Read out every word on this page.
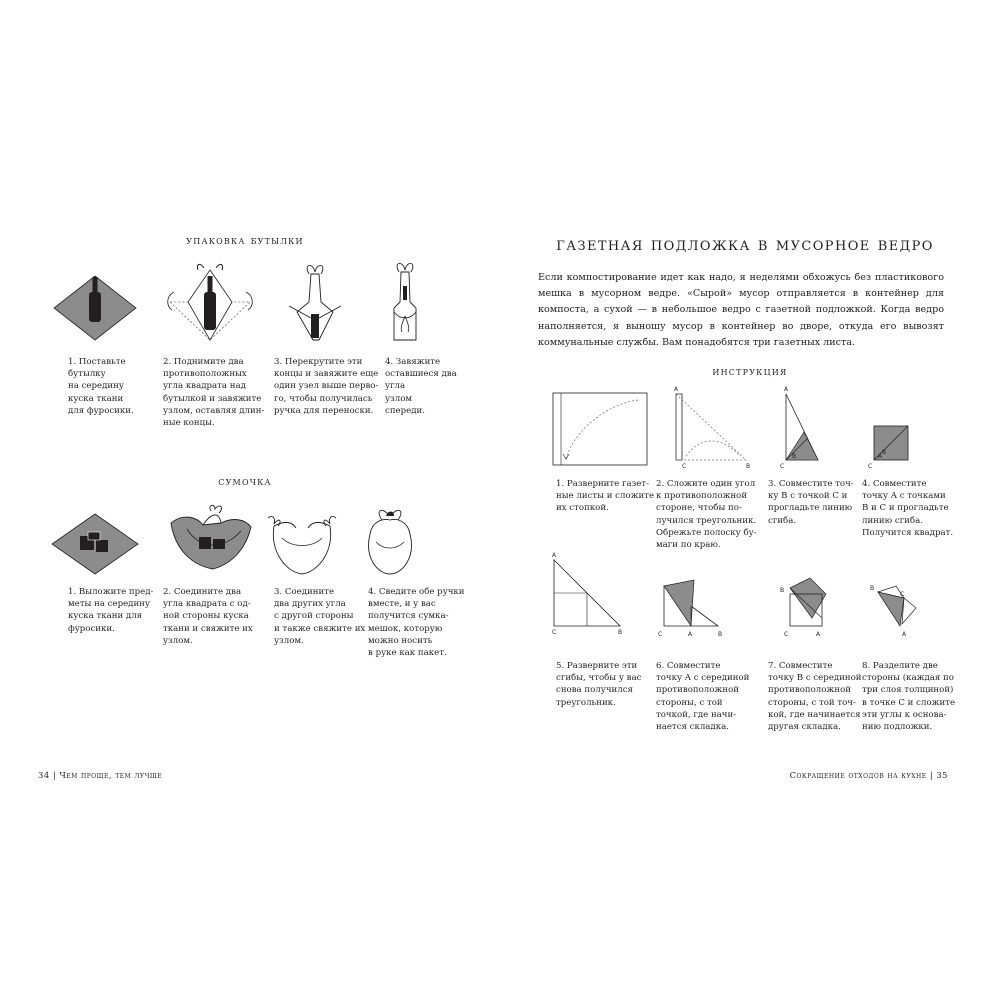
упаковка бутылки
1. Поставьте
бутылку
на середину
куска ткани
для фуросики.
2. Поднимите два
противоположных
угла квадрата над
бутылкой и завяжите
узлом, оставляя длин-
ные концы.
3. Перекрутите эти
концы и завяжите еще
один узел выше перво-
го, чтобы получилась
ручка для переноски.
4. Завяжите
оставшиеся два
угла
узлом
спереди.
сумочка
1. Выложите пред-
меты на середину
куска ткани для
фуросики.
2. Соедините два
угла квадрата с од-
ной стороны куска
ткани и свяжите их
узлом.
3. Соедините
два других угла
с другой стороны
и также свяжите их
узлом.
4. Сведите обе ручки
вместе, и у вас
получится сумка-
мешок, которую
можно носить
в руке как пакет.
34 | Чем проще, тем лучше
газетная подложка в мусорное ведро
Если компостирование идет как надо, я неделями обхожусь без пластикового мешка в мусорном ведре. «Сырой» мусор отправляется в контейнер для компоста, а сухой — в небольшое ведро с газетной подложкой. Когда ведро наполняется, я выношу мусор в контейнер во дворе, откуда его вывозят коммунальные службы. Вам понадобятся три газетных листа.
инструкция
A
B
C
A
B
C
A
B
C
1. Разверните газет-
ные листы и сложите
их стопкой.
2. Сложите один угол
к противоположной
стороне, чтобы по-
лучился треугольник.
Обрежьте полоску бу-
маги по краю.
3. Совместите точ-
ку B с точкой C и
прогладьте линию
сгиба.
4. Совместите
точку A с точками
B и C и прогладьте
линию сгиба.
Получится квадрат.
A
B
C	C	A	B
B
C	A
B
C
A
5. Разверните эти
сгибы, чтобы у вас
снова получился
треугольник.
6. Совместите
точку A с серединой
противоположной
стороны, с той
точкой, где начи-
нается складка.
7. Совместите
точку B с серединой
противоположной
стороны, с той точ-
кой, где начинается
другая складка.
8. Разделите две
стороны (каждая по
три слоя толщиной)
в точке C и сложите
эти углы к основа-
нию подложки.
Сокращение отходов на кухне | 35
